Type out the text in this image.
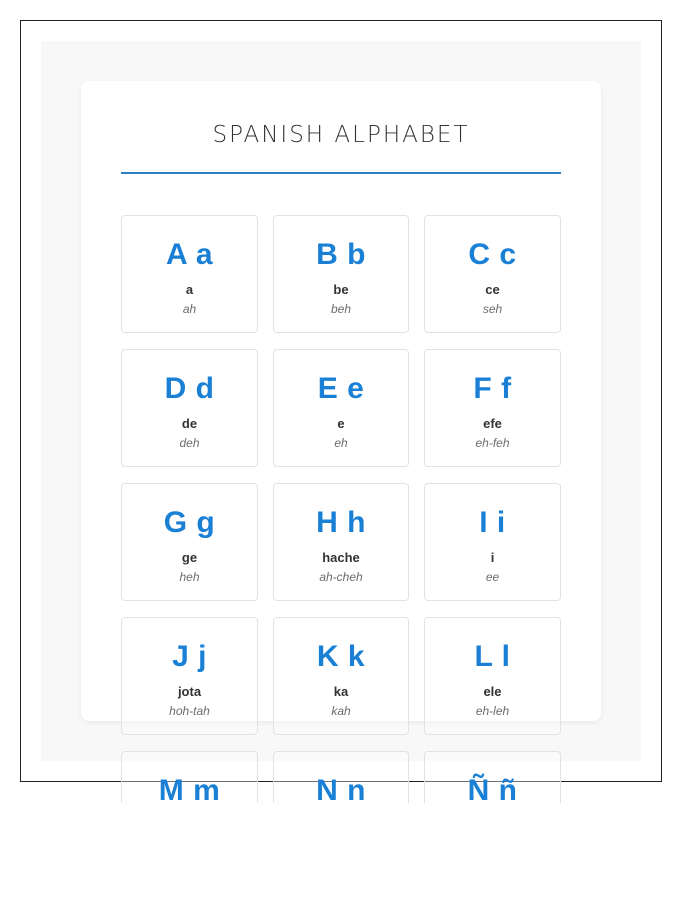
SPANISH ALPHABET
A a
a
ah
B b
be
beh
C c
ce
seh
D d
de
deh
E e
e
eh
F f
efe
eh-feh
G g
ge
heh
H h
hache
ah-cheh
I i
i
ee
J j
jota
hoh-tah
K k
ka
kah
L l
ele
eh-leh
M m	N n	Ñ ñ
